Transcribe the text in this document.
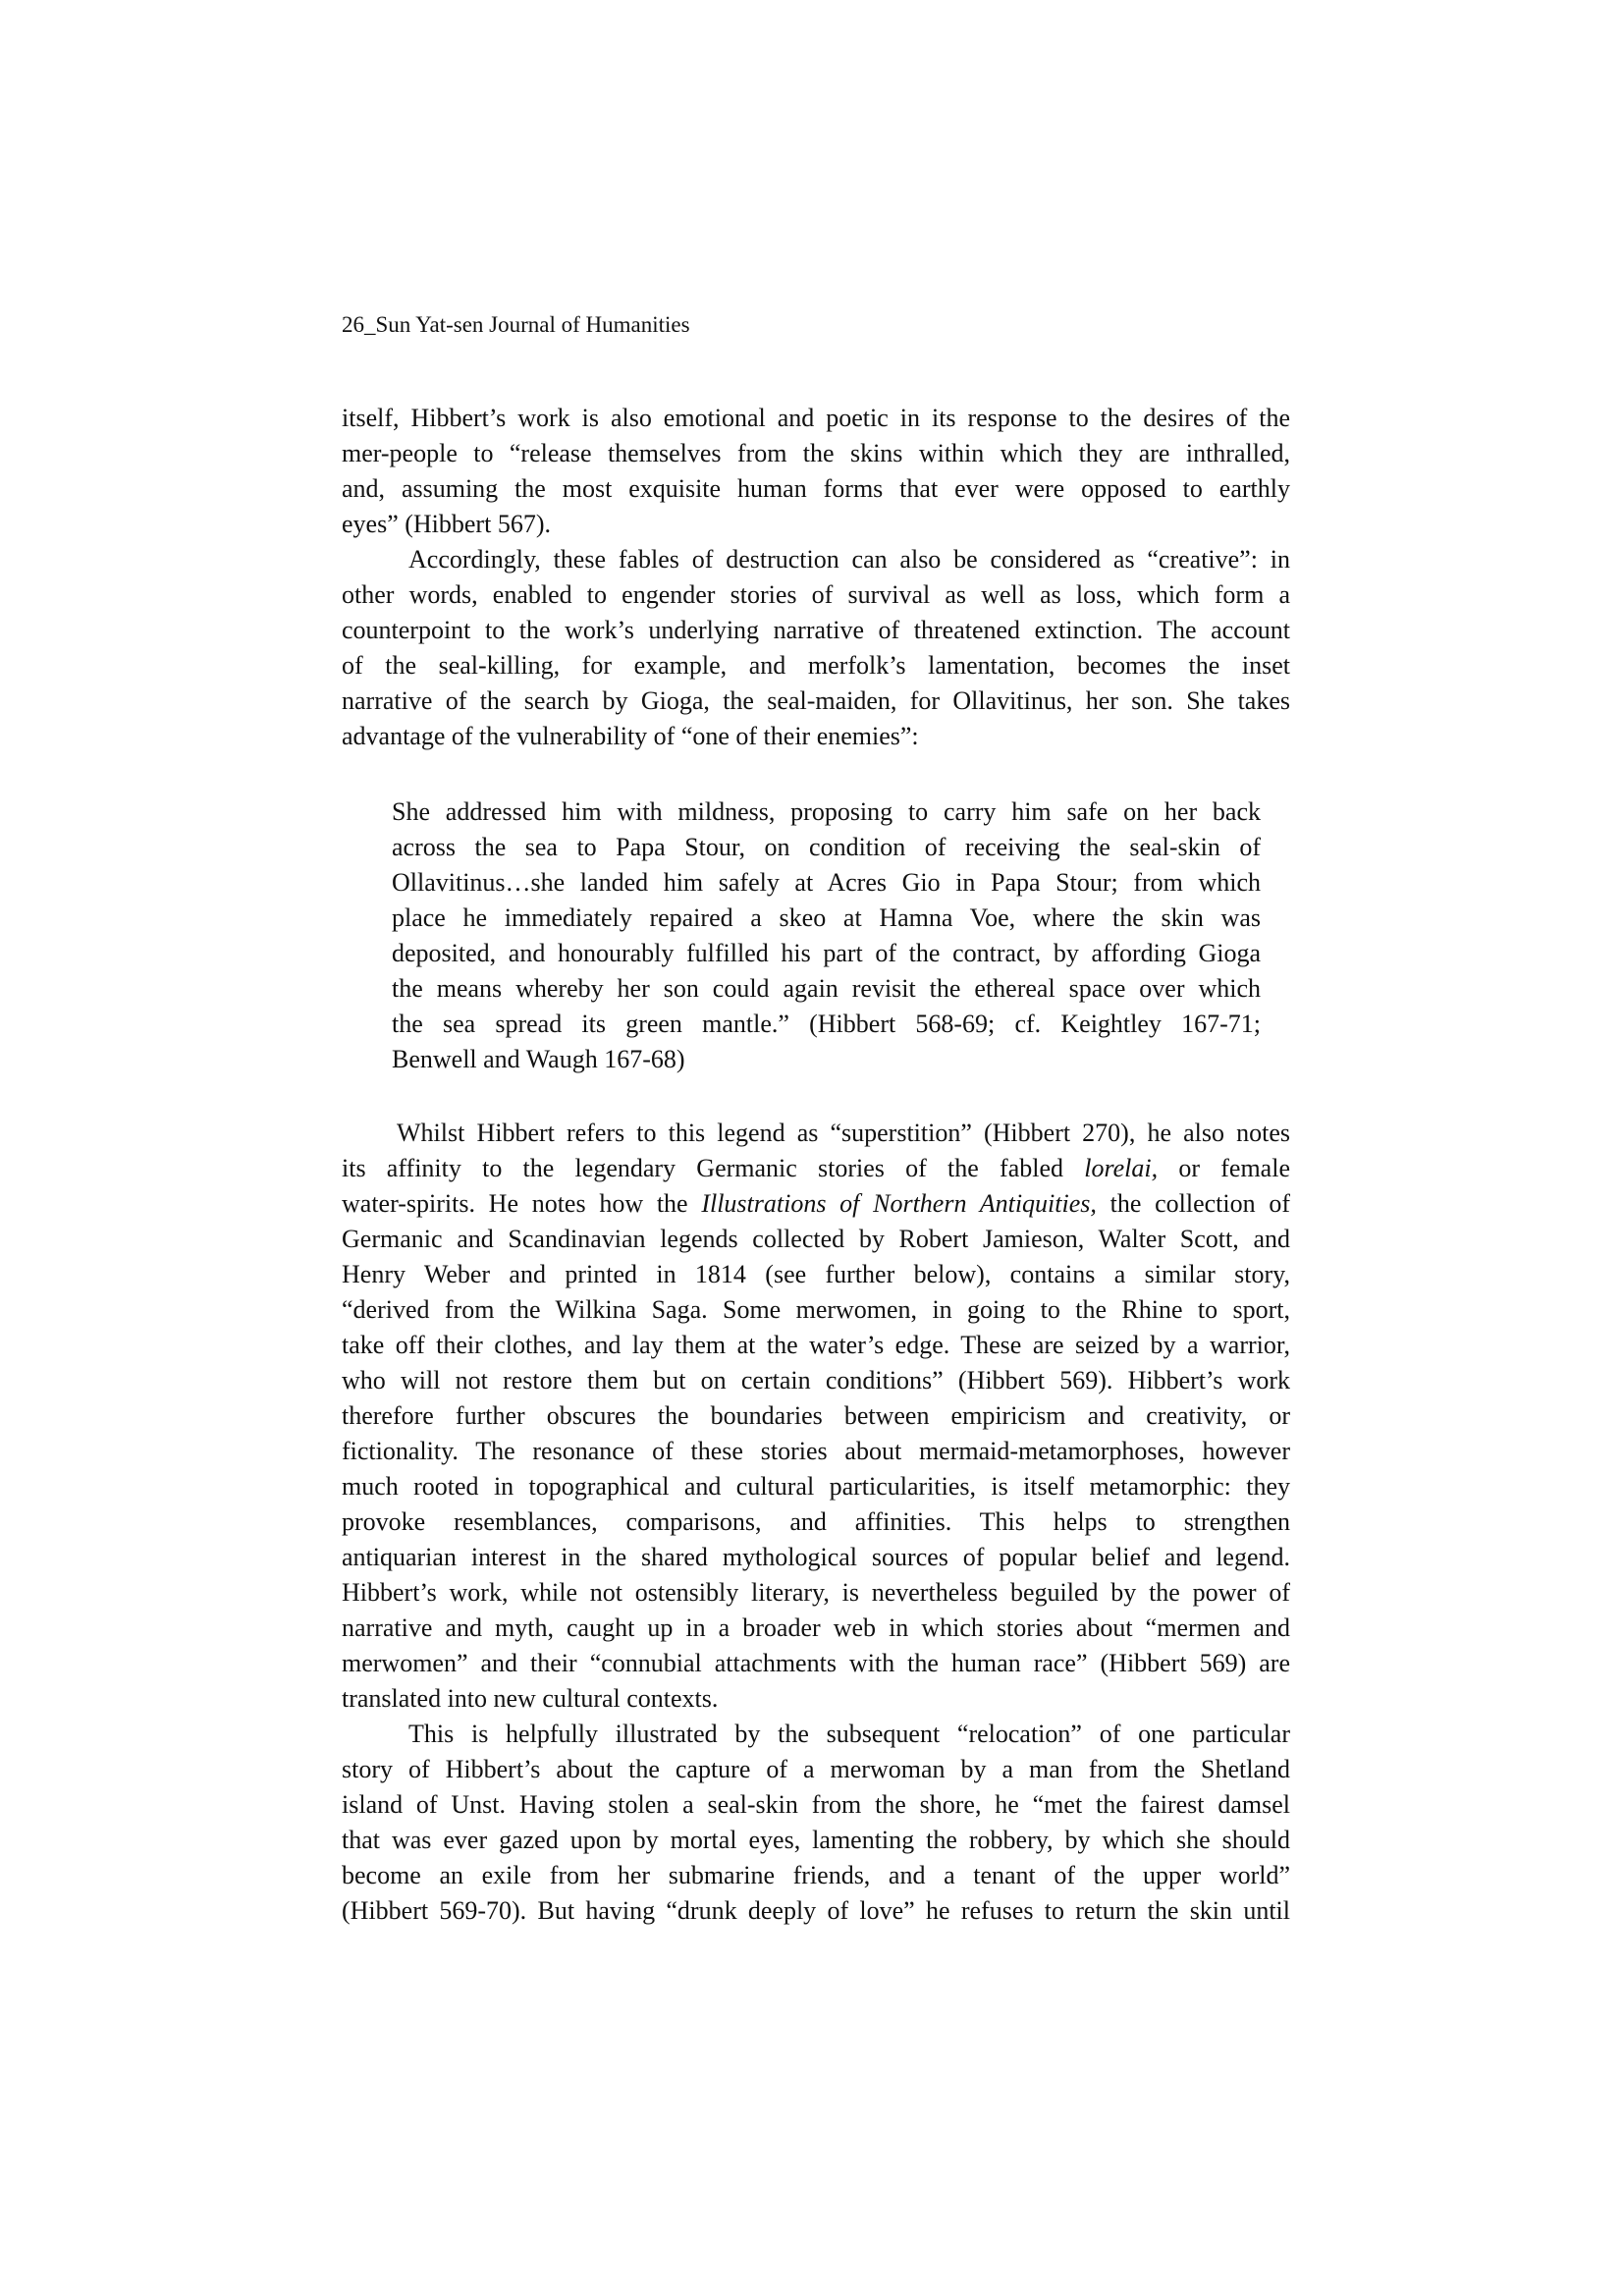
26_Sun Yat-sen Journal of Humanities
itself, Hibbert’s work is also emotional and poetic in its response to the desires of the
mer-people to “release themselves from the skins within which they are inthralled,
and, assuming the most exquisite human forms that ever were opposed to earthly
eyes” (Hibbert 567).
Accordingly, these fables of destruction can also be considered as “creative”: in
other words, enabled to engender stories of survival as well as loss, which form a
counterpoint to the work’s underlying narrative of threatened extinction. The account
of the seal-killing, for example, and merfolk’s lamentation, becomes the inset
narrative of the search by Gioga, the seal-maiden, for Ollavitinus, her son. She takes
advantage of the vulnerability of “one of their enemies”:
She addressed him with mildness, proposing to carry him safe on her back
across the sea to Papa Stour, on condition of receiving the seal-skin of
Ollavitinus…she landed him safely at Acres Gio in Papa Stour; from which
place he immediately repaired a skeo at Hamna Voe, where the skin was
deposited, and honourably fulfilled his part of the contract, by affording Gioga
the means whereby her son could again revisit the ethereal space over which
the sea spread its green mantle.” (Hibbert 568-69; cf. Keightley 167-71;
Benwell and Waugh 167-68)
Whilst Hibbert refers to this legend as “superstition” (Hibbert 270), he also notes
its affinity to the legendary Germanic stories of the fabled lorelai, or female
water-spirits. He notes how the Illustrations of Northern Antiquities, the collection of
Germanic and Scandinavian legends collected by Robert Jamieson, Walter Scott, and
Henry Weber and printed in 1814 (see further below), contains a similar story,
“derived from the Wilkina Saga. Some merwomen, in going to the Rhine to sport,
take off their clothes, and lay them at the water’s edge. These are seized by a warrior,
who will not restore them but on certain conditions” (Hibbert 569). Hibbert’s work
therefore further obscures the boundaries between empiricism and creativity, or
fictionality. The resonance of these stories about mermaid-metamorphoses, however
much rooted in topographical and cultural particularities, is itself metamorphic: they
provoke resemblances, comparisons, and affinities. This helps to strengthen
antiquarian interest in the shared mythological sources of popular belief and legend.
Hibbert’s work, while not ostensibly literary, is nevertheless beguiled by the power of
narrative and myth, caught up in a broader web in which stories about “mermen and
merwomen” and their “connubial attachments with the human race” (Hibbert 569) are
translated into new cultural contexts.
This is helpfully illustrated by the subsequent “relocation” of one particular
story of Hibbert’s about the capture of a merwoman by a man from the Shetland
island of Unst. Having stolen a seal-skin from the shore, he “met the fairest damsel
that was ever gazed upon by mortal eyes, lamenting the robbery, by which she should
become an exile from her submarine friends, and a tenant of the upper world”
(Hibbert 569-70). But having “drunk deeply of love” he refuses to return the skin until
